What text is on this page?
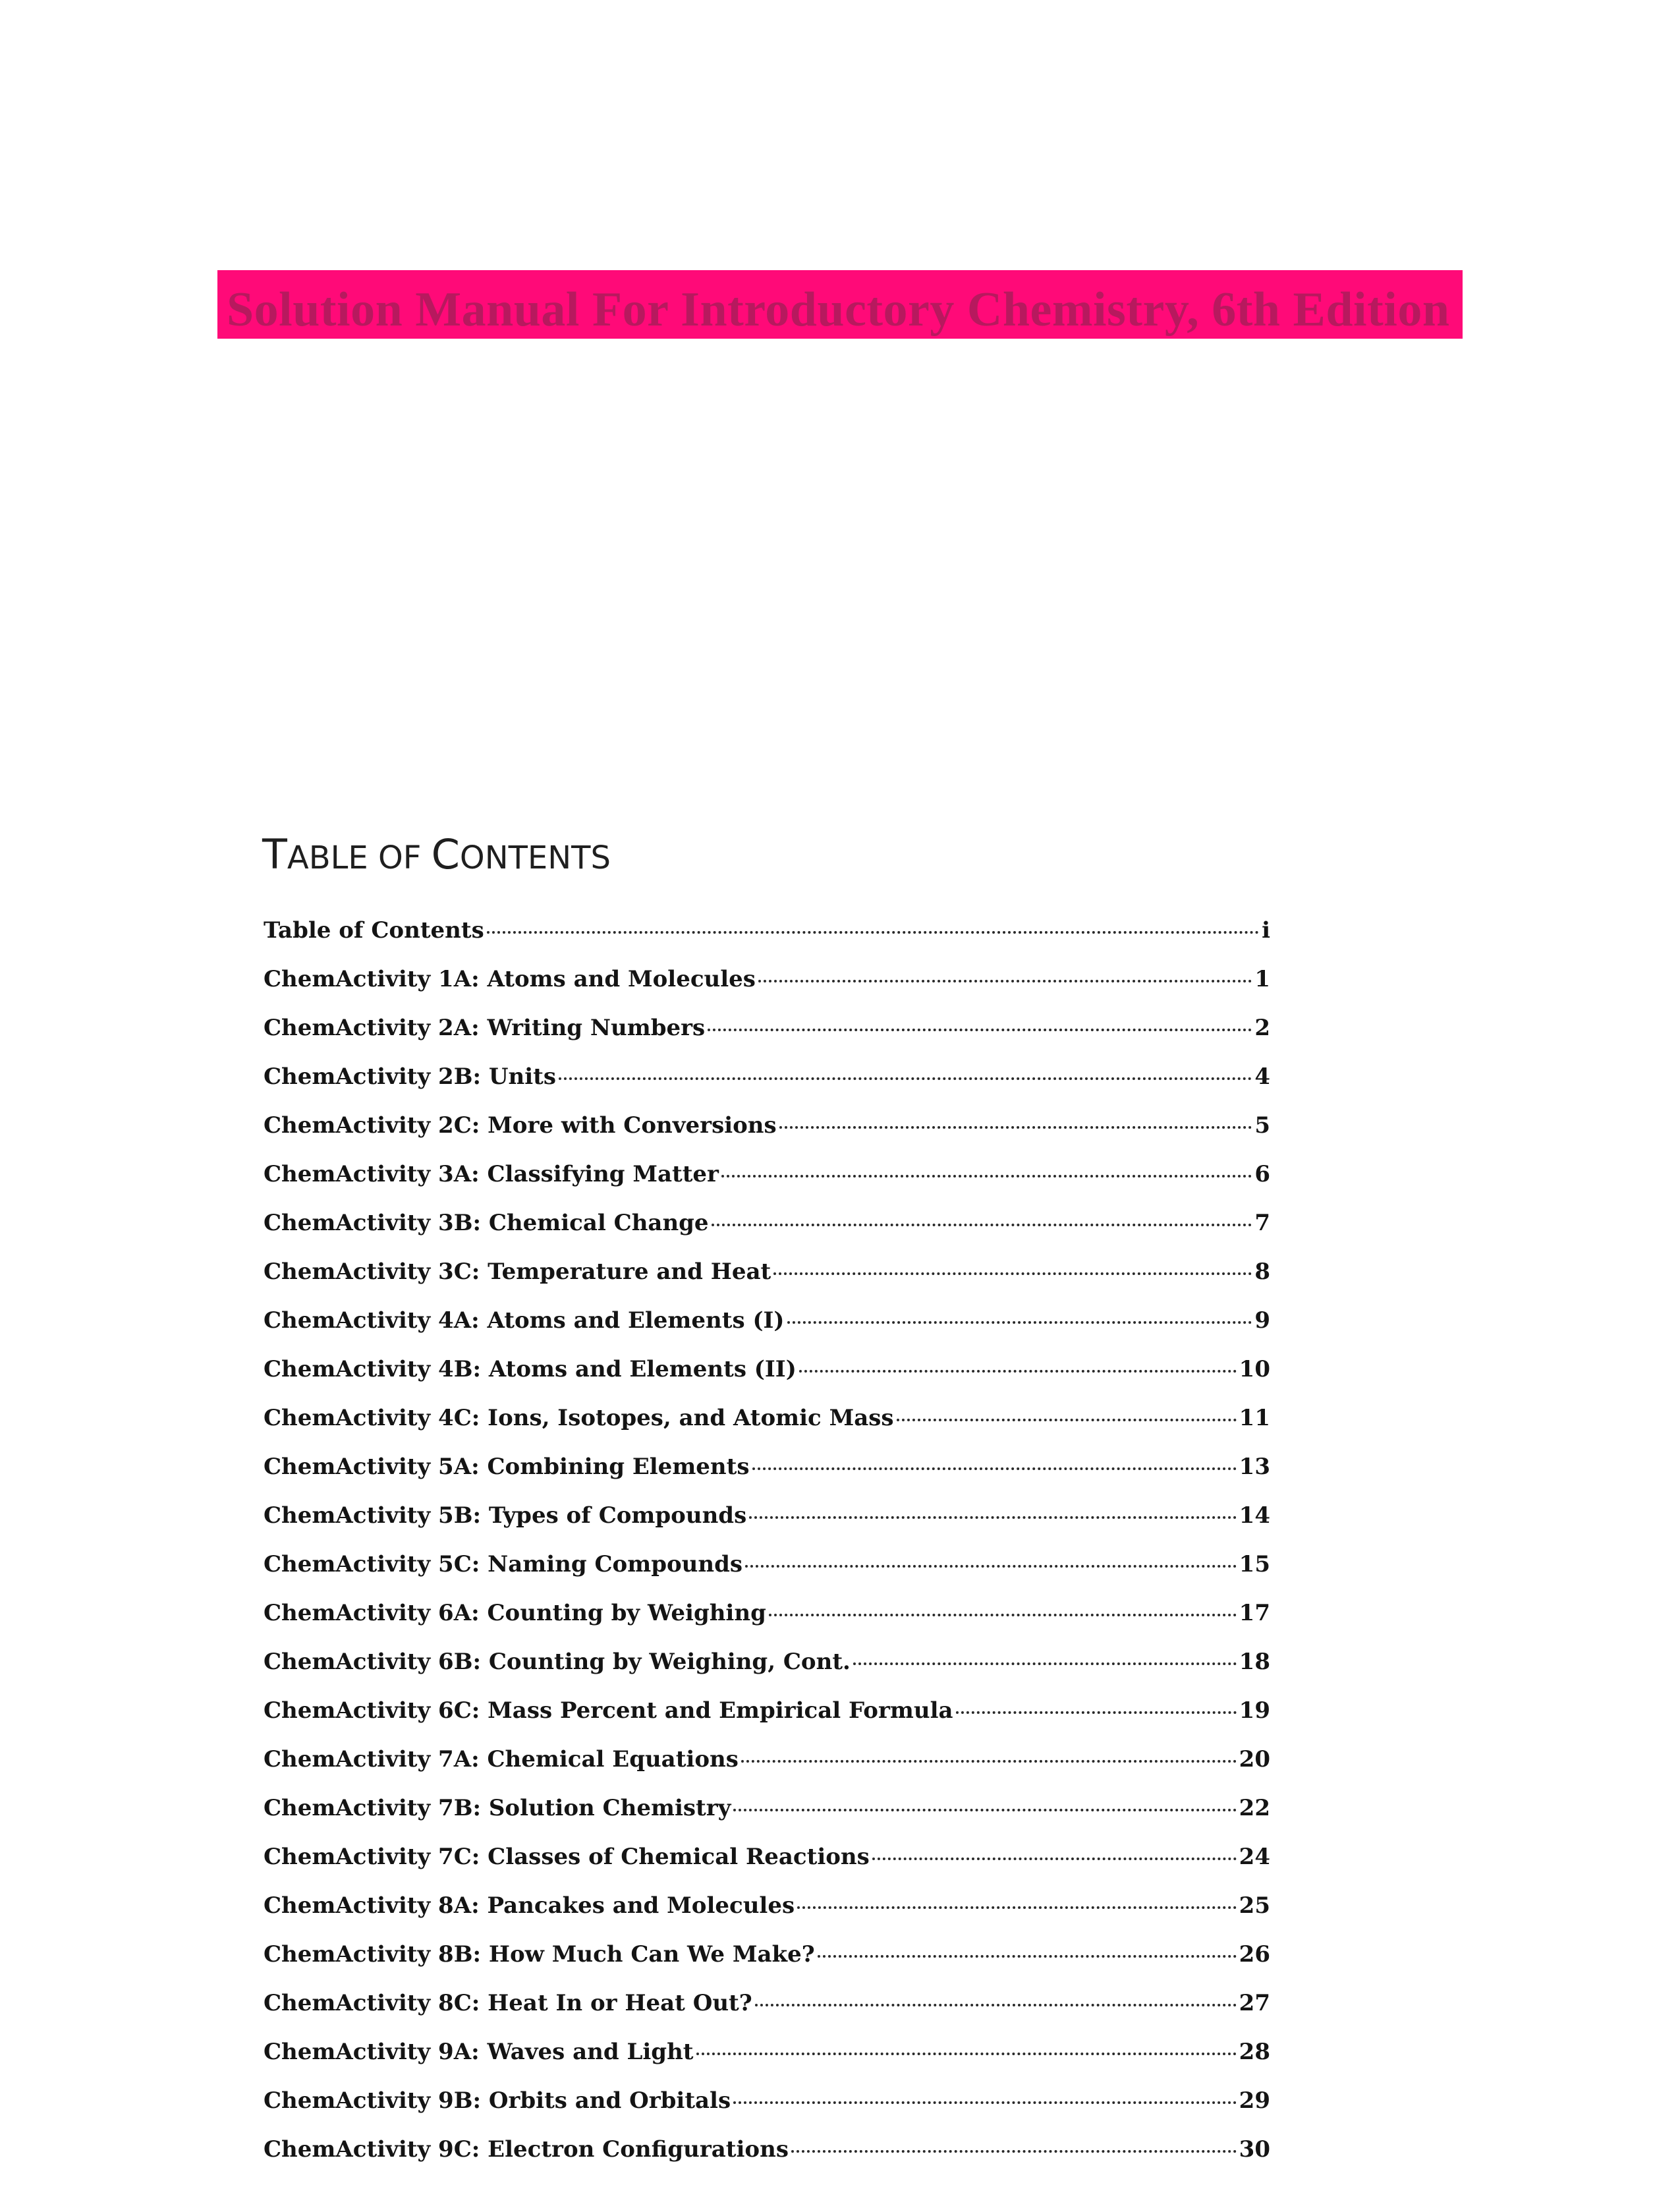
Solution Manual For Introductory Chemistry, 6th Edition
TABLE OF CONTENTS
Table of Contents	i
ChemActivity 1A: Atoms and Molecules	1
ChemActivity 2A: Writing Numbers	2
ChemActivity 2B: Units	4
ChemActivity 2C: More with Conversions	5
ChemActivity 3A: Classifying Matter	6
ChemActivity 3B: Chemical Change	7
ChemActivity 3C: Temperature and Heat	8
ChemActivity 4A: Atoms and Elements (I)	9
ChemActivity 4B: Atoms and Elements (II)	10
ChemActivity 4C: Ions, Isotopes, and Atomic Mass	11
ChemActivity 5A: Combining Elements	13
ChemActivity 5B: Types of Compounds	14
ChemActivity 5C: Naming Compounds	15
ChemActivity 6A: Counting by Weighing	17
ChemActivity 6B: Counting by Weighing, Cont.	18
ChemActivity 6C: Mass Percent and Empirical Formula	19
ChemActivity 7A: Chemical Equations	20
ChemActivity 7B: Solution Chemistry	22
ChemActivity 7C: Classes of Chemical Reactions	24
ChemActivity 8A: Pancakes and Molecules	25
ChemActivity 8B: How Much Can We Make?	26
ChemActivity 8C: Heat In or Heat Out?	27
ChemActivity 9A: Waves and Light	28
ChemActivity 9B: Orbits and Orbitals	29
ChemActivity 9C: Electron Configurations	30
